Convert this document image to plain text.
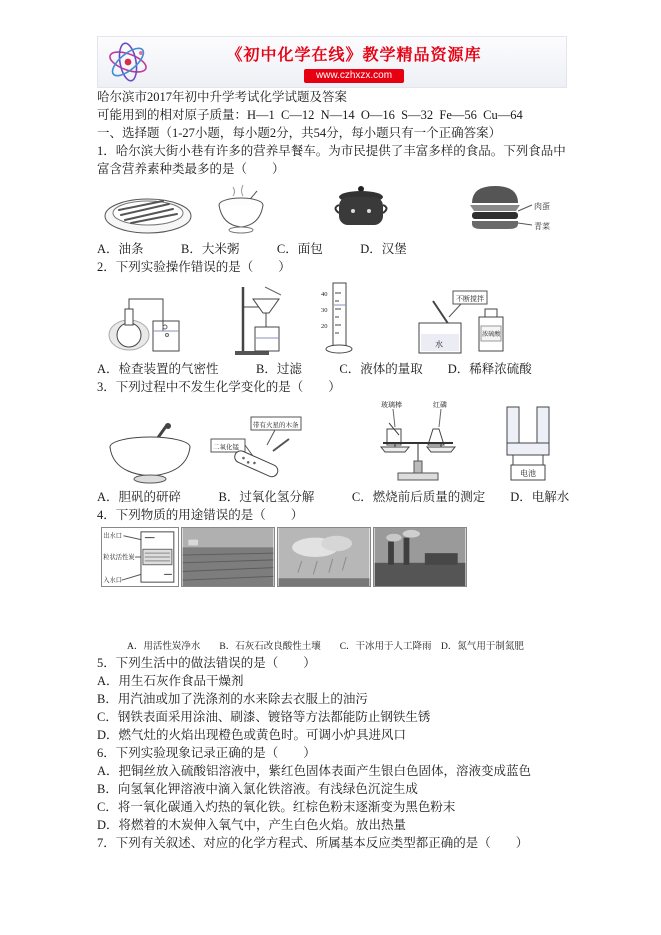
《初中化学在线》教学精品资源库
www.czhxzx.com

哈尔滨市2017年初中升学考试化学试题及答案

可能用到的相对原子质量：H—1  C—12  N—14  O—16  S—32  Fe—56  Cu—64

一、选择题（1-27小题，每小题2分，共54分，每小题只有一个正确答案）

1．哈尔滨大街小巷有许多的营养早餐车。为市民提供了丰富多样的食品。下列食品中富含营养素种类最多的是（　　）

肉蛋
青菜

A．油条　　　B．大米粥　　　C．面包　　　D．汉堡

2．下列实验操作错误的是（　　）

40
30
20
不断搅拌
水
浓硫酸

A．检查装置的气密性　　　B．过滤　　　C．液体的量取　　D．稀释浓硫酸

3．下列过程中不发生化学变化的是（　　）

带有火星的木条
二氧化锰
玻璃棒	红磷
电池

A．胆矾的研碎　　　B．过氧化氢分解　　　C．燃烧前后质量的测定　　D．电解水

4．下列物质的用途错误的是（　　）

出水口
粒状活性炭
入水口

A．用活性炭净水　　B．石灰石改良酸性土壤　　C．干冰用于人工降雨　D．氮气用于制氮肥

5．下列生活中的做法错误的是（　　）

A．用生石灰作食品干燥剂

B．用汽油或加了洗涤剂的水来除去衣服上的油污

C．钢铁表面采用涂油、刷漆、镀铬等方法都能防止钢铁生锈

D．燃气灶的火焰出现橙色或黄色时。可调小炉具进风口

6．下列实验现象记录正确的是（　　）

A．把铜丝放入硫酸铝溶液中，紫红色固体表面产生银白色固体，溶液变成蓝色

B．向氢氧化钾溶液中滴入氯化铁溶液。有浅绿色沉淀生成

C．将一氧化碳通入灼热的氧化铁。红棕色粉末逐渐变为黑色粉末

D．将燃着的木炭伸入氧气中，产生白色火焰。放出热量

7．下列有关叙述、对应的化学方程式、所属基本反应类型都正确的是（　　）
